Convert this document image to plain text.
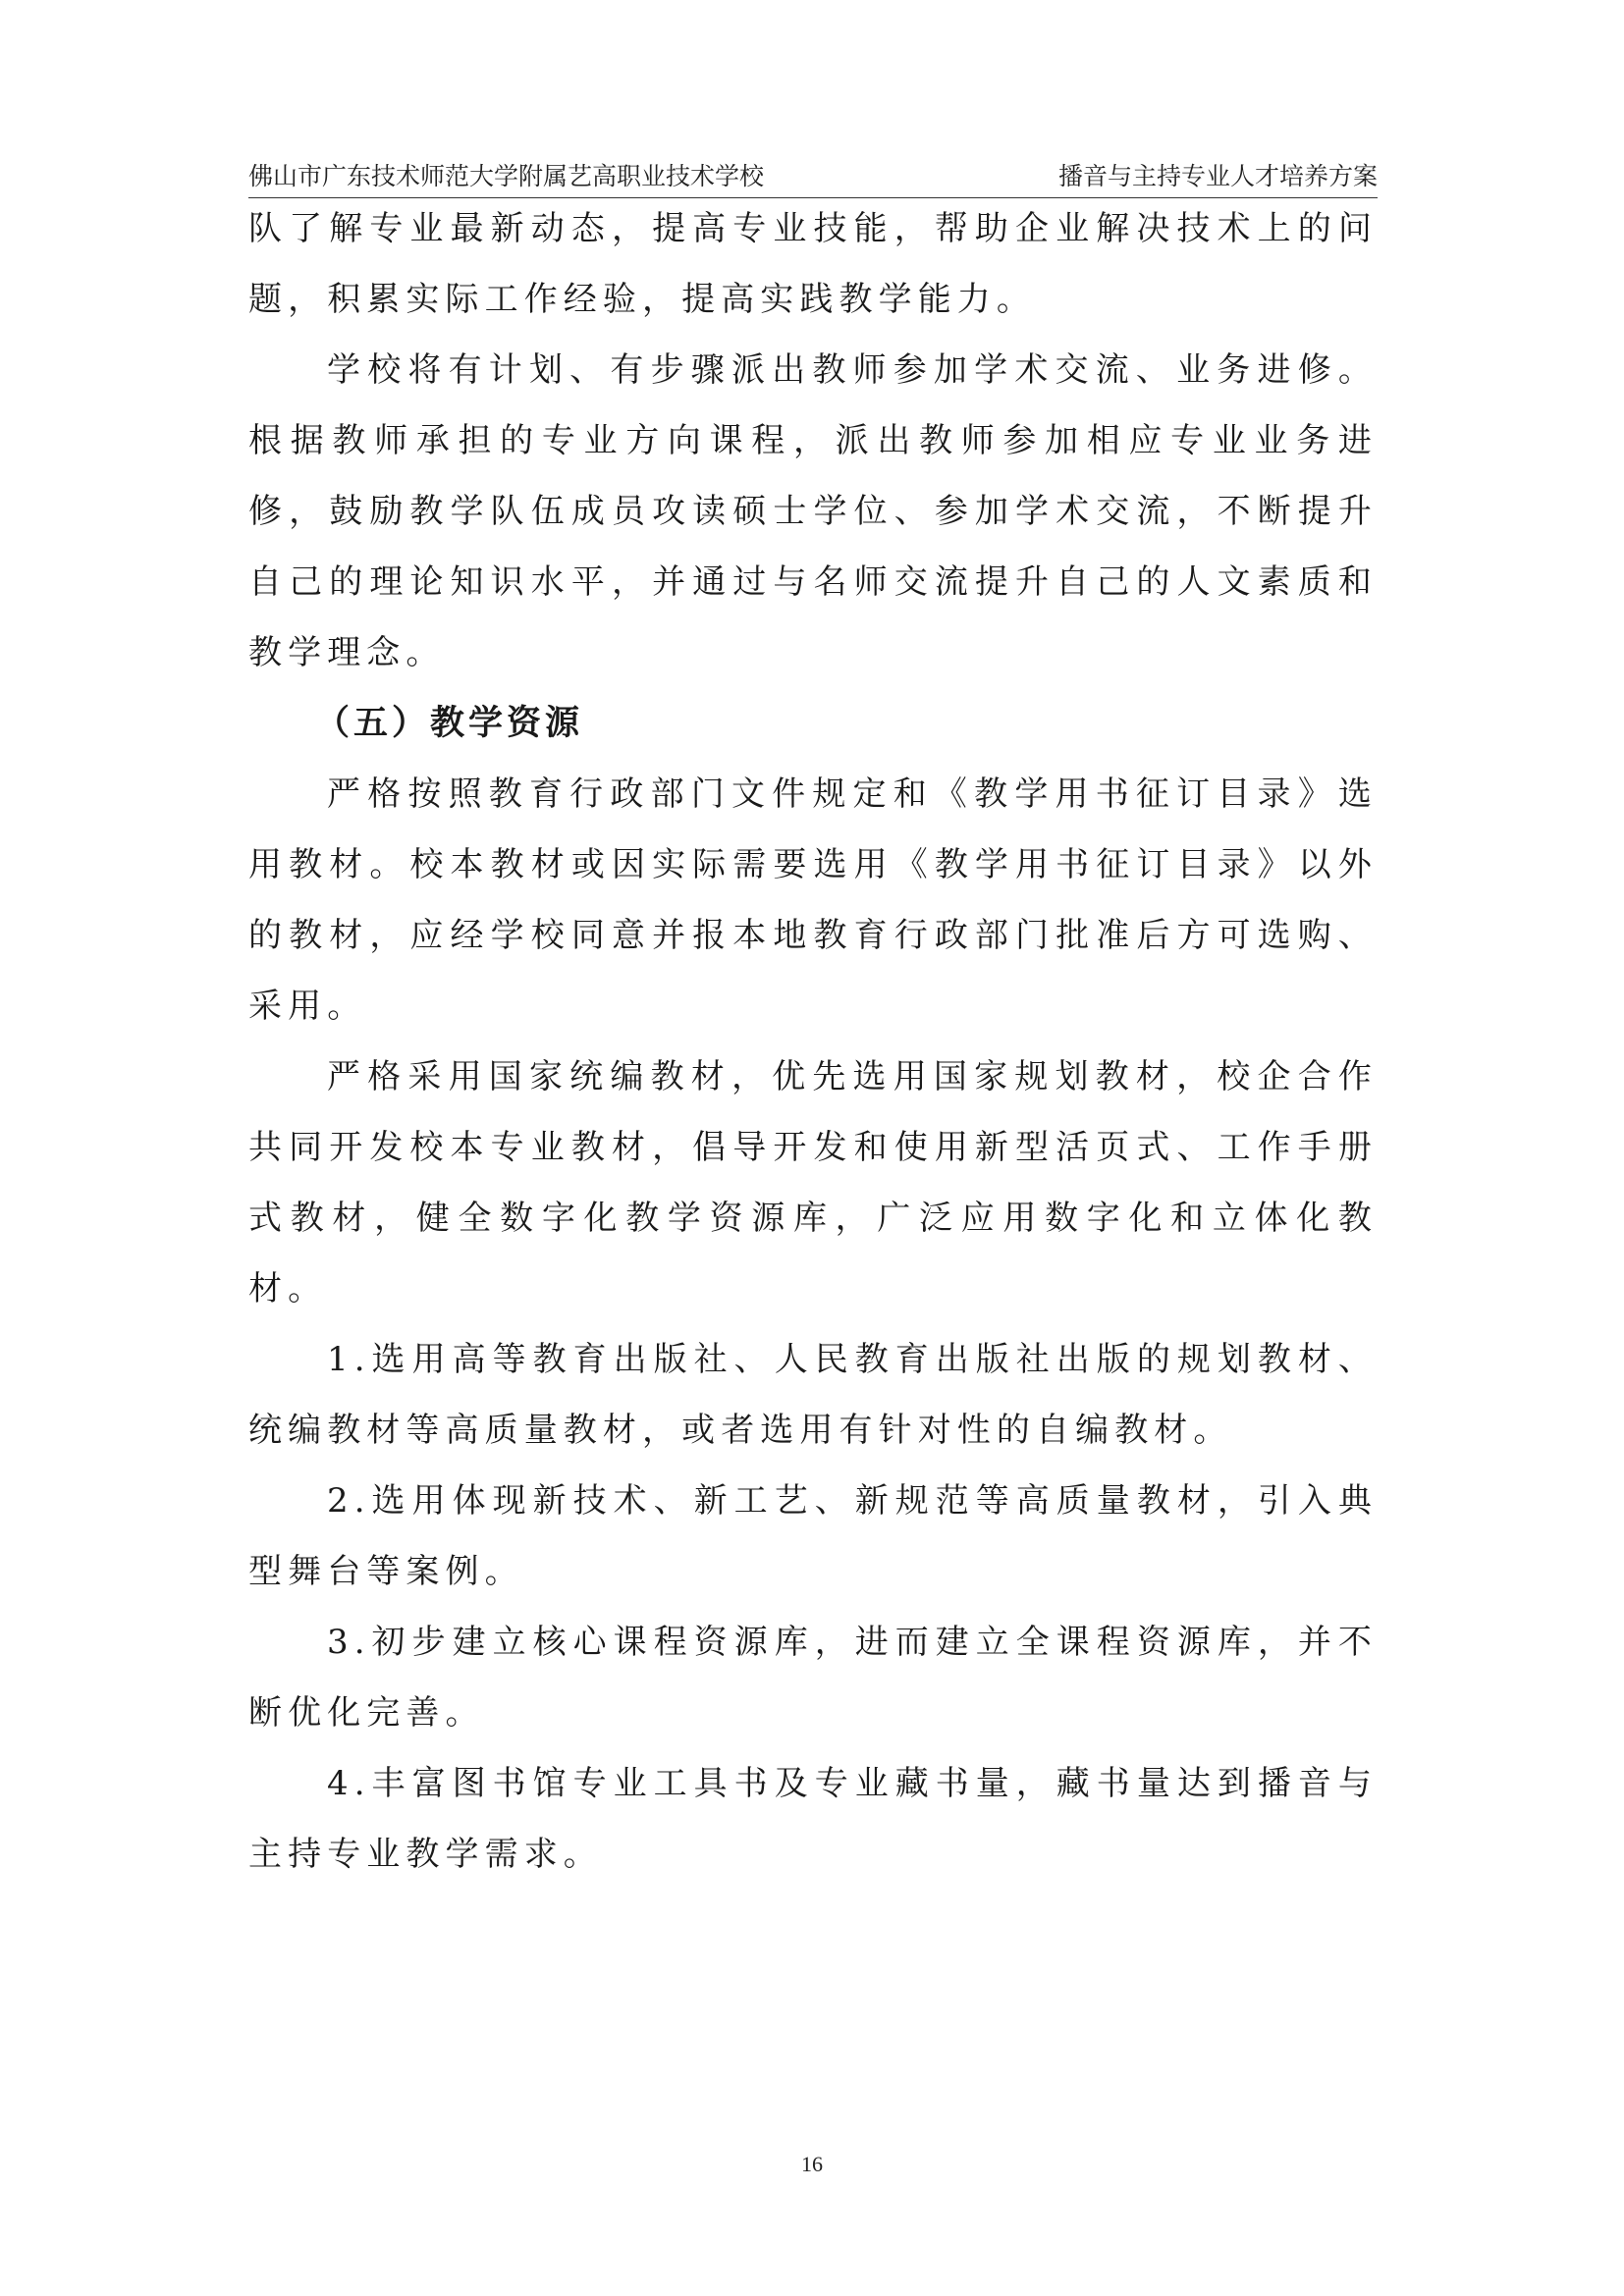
佛山市广东技术师范大学附属艺高职业技术学校	播音与主持专业人才培养方案

队了解专业最新动态，提高专业技能，帮助企业解决技术上的问题，积累实际工作经验，提高实践教学能力。

学校将有计划、有步骤派出教师参加学术交流、业务进修。根据教师承担的专业方向课程，派出教师参加相应专业业务进修，鼓励教学队伍成员攻读硕士学位、参加学术交流，不断提升自己的理论知识水平，并通过与名师交流提升自己的人文素质和教学理念。

（五）教学资源

严格按照教育行政部门文件规定和《教学用书征订目录》选用教材。校本教材或因实际需要选用《教学用书征订目录》以外的教材，应经学校同意并报本地教育行政部门批准后方可选购、采用。

严格采用国家统编教材，优先选用国家规划教材，校企合作共同开发校本专业教材，倡导开发和使用新型活页式、工作手册式教材，健全数字化教学资源库，广泛应用数字化和立体化教材。

1.选用高等教育出版社、人民教育出版社出版的规划教材、统编教材等高质量教材，或者选用有针对性的自编教材。

2.选用体现新技术、新工艺、新规范等高质量教材，引入典型舞台等案例。

3.初步建立核心课程资源库，进而建立全课程资源库，并不断优化完善。

4.丰富图书馆专业工具书及专业藏书量，藏书量达到播音与主持专业教学需求。

16
